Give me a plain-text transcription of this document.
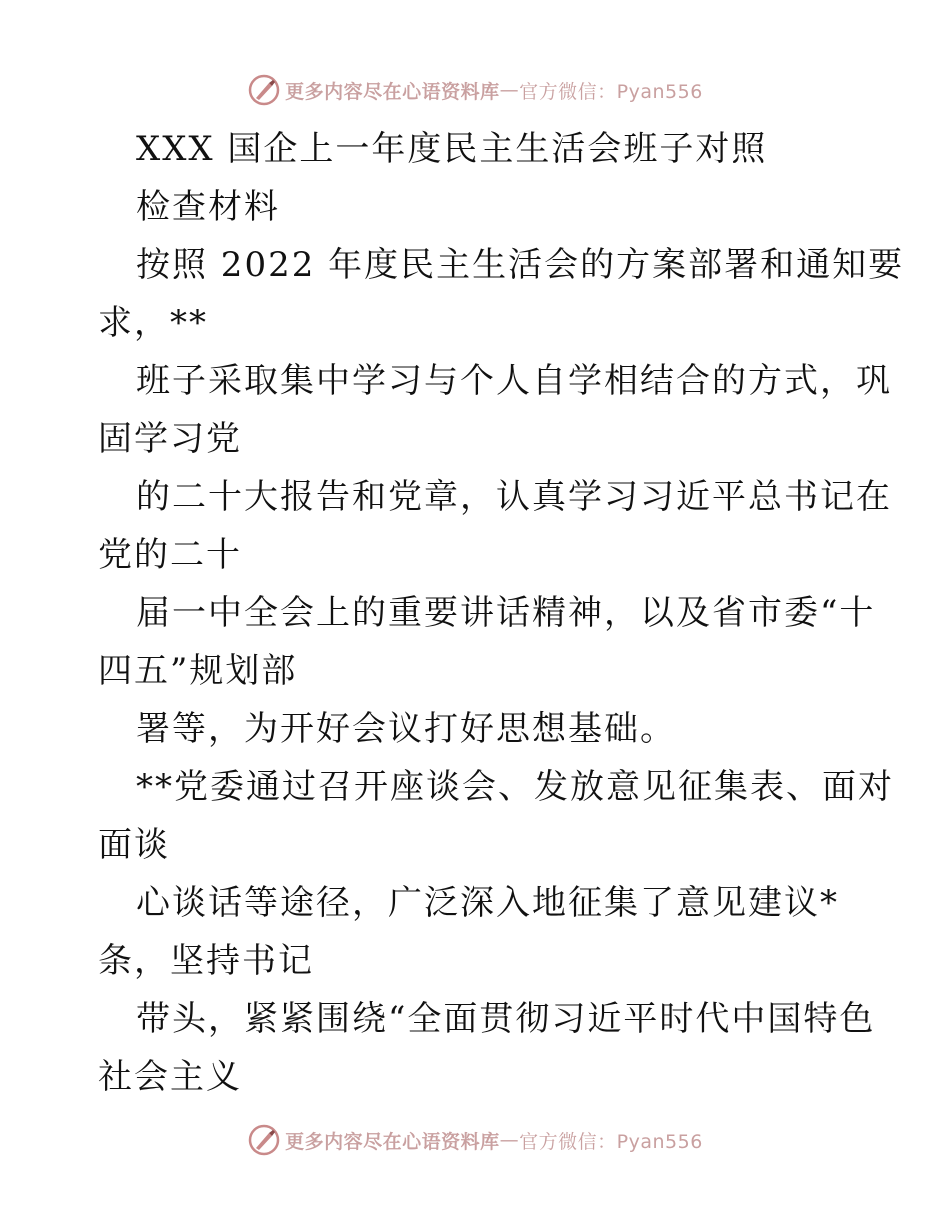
更多内容尽在心语资料库 — 官方微信：Pyan556
XXX 国企上一年度民主生活会班子对照
检查材料
按照 2022 年度民主生活会的方案部署和通知要
求，**
班子采取集中学习与个人自学相结合的方式，巩
固学习党
的二十大报告和党章，认真学习习近平总书记在
党的二十
届一中全会上的重要讲话精神，以及省市委“十
四五”规划部
署等，为开好会议打好思想基础。
**党委通过召开座谈会、发放意见征集表、面对
面谈
心谈话等途径，广泛深入地征集了意见建议*
条，坚持书记
带头，紧紧围绕“全面贯彻习近平时代中国特色
社会主义
更多内容尽在心语资料库 — 官方微信：Pyan556
